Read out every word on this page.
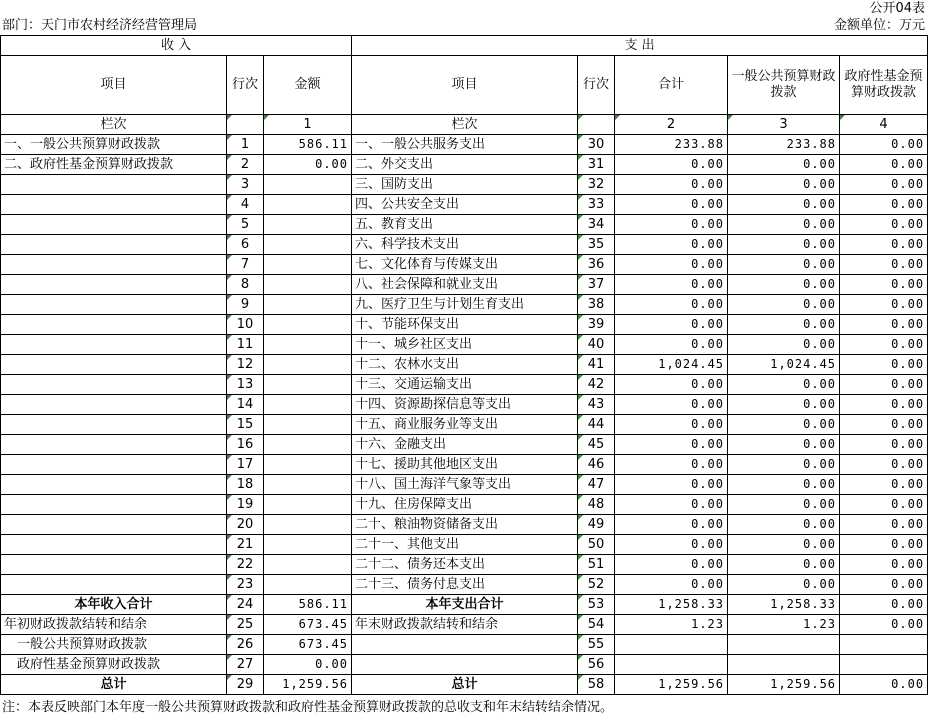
公开04表
部门：天门市农村经济经营管理局	金额单位：万元
收 入			支 出				
项目	行次	金额	项目	行次	合计	一般公共预算财政拨款	政府性基金预算财政拨款
栏次		1	栏次		2	3	4
一、一般公共预算财政拨款	1	586.11	一、一般公共服务支出	30	233.88	233.88	0.00
二、政府性基金预算财政拨款	2	0.00	二、外交支出	31	0.00	0.00	0.00
	3		三、国防支出	32	0.00	0.00	0.00
	4		四、公共安全支出	33	0.00	0.00	0.00
	5		五、教育支出	34	0.00	0.00	0.00
	6		六、科学技术支出	35	0.00	0.00	0.00
	7		七、文化体育与传媒支出	36	0.00	0.00	0.00
	8		八、社会保障和就业支出	37	0.00	0.00	0.00
	9		九、医疗卫生与计划生育支出	38	0.00	0.00	0.00
	10		十、节能环保支出	39	0.00	0.00	0.00
	11		十一、城乡社区支出	40	0.00	0.00	0.00
	12		十二、农林水支出	41	1,024.45	1,024.45	0.00
	13		十三、交通运输支出	42	0.00	0.00	0.00
	14		十四、资源勘探信息等支出	43	0.00	0.00	0.00
	15		十五、商业服务业等支出	44	0.00	0.00	0.00
	16		十六、金融支出	45	0.00	0.00	0.00
	17		十七、援助其他地区支出	46	0.00	0.00	0.00
	18		十八、国土海洋气象等支出	47	0.00	0.00	0.00
	19		十九、住房保障支出	48	0.00	0.00	0.00
	20		二十、粮油物资储备支出	49	0.00	0.00	0.00
	21		二十一、其他支出	50	0.00	0.00	0.00
	22		二十二、债务还本支出	51	0.00	0.00	0.00
	23		二十三、债务付息支出	52	0.00	0.00	0.00
本年收入合计	24	586.11	本年支出合计	53	1,258.33	1,258.33	0.00
年初财政拨款结转和结余	25	673.45	年末财政拨款结转和结余	54	1.23	1.23	0.00
一般公共预算财政拨款	26	673.45		55			
政府性基金预算财政拨款	27	0.00		56			
总计	29	1,259.56	总计	58	1,259.56	1,259.56	0.00
注：本表反映部门本年度一般公共预算财政拨款和政府性基金预算财政拨款的总收支和年末结转结余情况。
